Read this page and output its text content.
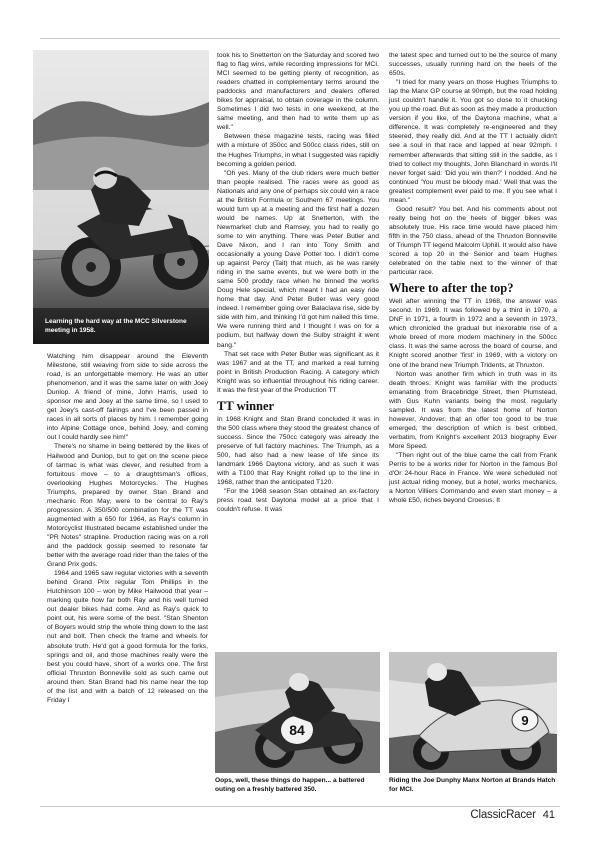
Learning the hard way at the MCC Silverstone meeting in 1958.

Watching him disappear around the Eleventh Milestone, still weaving from side to side across the road, is an unforgettable memory. He was an utter phenomenon, and it was the same later on with Joey Dunlop. A friend of mine, John Harris, used to sponsor me and Joey at the same time, so I used to get Joey's cast-off fairings and I've been passed in races in all sorts of places by him. I remember going into Alpine Cottage once, behind Joey, and coming out I could hardly see him!"

There's no shame in being bettered by the likes of Hailwood and Dunlop, but to get on the scene piece of tarmac is what was clever, and resulted from a fortuitous move – to a draughtsman's offices, overlooking Hughes Motorcycles. The Hughes Triumphs, prepared by owner Stan Brand and mechanic Ron May, were to be central to Ray's progression. A 350/500 combination for the TT was augmented with a 650 for 1964, as Ray's column in Motorcyclist Illustrated became established under the "PR Notes" strapline. Production racing was on a roll and the paddock gossip seemed to resonate far better with the average road rider than the tales of the Grand Prix gods.

1964 and 1965 saw regular victories with a seventh behind Grand Prix regular Tom Phillips in the Hutchinson 100 – won by Mike Hailwood that year – marking quite how far both Ray and his well turned out dealer bikes had come. And as Ray's quick to point out, his were some of the best. "Stan Shenton of Boyers would strip the whole thing down to the last nut and bolt. Then check the frame and wheels for absolute truth. He'd got a good formula for the forks, springs and oil, and those machines really were the best you could have, short of a works one. The first official Thruxton Bonneville sold as such came out around then. Stan Brand had his name near the top of the list and with a batch of 12 released on the Friday I

took his to Snetterton on the Saturday and scored two flag to flag wins, while recording impressions for MCI. MCI seemed to be getting plenty of recognition, as readers chatted in complementary terms around the paddocks and manufacturers and dealers offered bikes for appraisal, to obtain coverage in the column. Sometimes I did two tests in one weekend, at the same meeting, and then had to write them up as well."

Between these magazine tests, racing was filled with a mixture of 350cc and 500cc class rides, still on the Hughes Triumphs, in what I suggested was rapidly becoming a golden period.

"Oh yes. Many of the club riders were much better than people realised. The races were as good as Nationals and any one of perhaps six could win a race at the British Formula or Southern 67 meetings. You would turn up at a meeting and the first half a dozen would be names. Up at Snetterton, with the Newmarket club and Ramsey, you had to really go some to win anything. There was Peter Butler and Dave Nixon, and I ran into Tony Smith and occasionally a young Dave Potter too. I didn't come up against Percy (Tait) that much, as he was rarely riding in the same events, but we were both in the same 500 proddy race when he binned the works Doug Hele special, which meant I had an easy ride home that day. And Peter Butler was very good indeed. I remember going over Balaclava rise, side by side with him, and thinking I'd got him nailed this time. We were running third and I thought I was on for a podium, but halfway down the Sulby straight it went bang."

That set race with Peter Butler was significant as it was 1967 and at the TT, and marked a real turning point in British Production Racing. A category which Knight was so influential throughout his riding career. It was the first year of the Production TT

TT winner

In 1968 Knight and Stan Brand concluded it was in the 500 class where they stood the greatest chance of success. Since the 750cc category was already the preserve of full factory machines. The Triumph, as a 500, had also had a new lease of life since its landmark 1966 Daytona victory, and as such it was with a T100 that Ray Knight rolled up to the line in 1968, rather than the anticipated T120.

"For the 1968 season Stan obtained an ex-factory press road test Daytona model at a price that I couldn't refuse. It was

the latest spec and turned out to be the source of many successes, usually running hard on the heels of the 650s.

"I tried for many years on those Hughes Triumphs to lap the Manx GP course at 90mph, but the road holding just couldn't handle it. You got so close to it chucking you up the road. But as soon as they made a production version if you like, of the Daytona machine, what a difference. It was completely re-engineered and they steered, they really did. And at the TT I actually didn't see a soul in that race and lapped at near 92mph. I remember afterwards that sitting still in the saddle, as I tried to collect my thoughts, John Blanchard in words I'll never forget said: 'Did you win then?' I nodded. And he continued 'You must be bloody mad.' Well that was the greatest complement ever paid to me. If you see what I mean."

Good result? You bet. And his comments about not really being hot on the heels of bigger bikes was absolutely true. His race time would have placed him fifth in the 750 class, ahead of the Thruxton Bonneville of Triumph TT legend Malcolm Uphill. It would also have scored a top 20 in the Senior and team Hughes celebrated on the table next to the winner of that particular race.

Where to after the top?

Well after winning the TT in 1968, the answer was second. In 1969. It was followed by a third in 1970, a DNF in 1971, a fourth in 1972 and a seventh in 1973, which chronicled the gradual but inexorable rise of a whole breed of more modern machinery in the 500cc class. It was the same across the board of course, and Knight scored another 'first' in 1969, with a victory on one of the brand new Triumph Tridents, at Thruxton.

Norton was another firm which in truth was in its death throes. Knight was familiar with the products emanating from Bracebridge Street, then Plumstead, with Gus Kuhn variants being the most regularly sampled. It was from the latest home of Norton however, Andover, that an offer too good to be true emerged, the description of which is best cribbed, verbatim, from Knight's excellent 2013 biography Ever More Speed.

"Then right out of the blue came the call from Frank Perris to be a works rider for Norton in the famous Bol d'Or 24-hour Race in France. We were scheduled not just actual riding money, but a hotel, works mechanics, a Norton Villiers Commando and even start money – a whole £50, riches beyond Croesus. It

84
Oops, well, these things do happen... a battered outing on a freshly battered 350.
9
Riding the Joe Dunphy Manx Norton at Brands Hatch for MCI.
ClassicRacer 41
